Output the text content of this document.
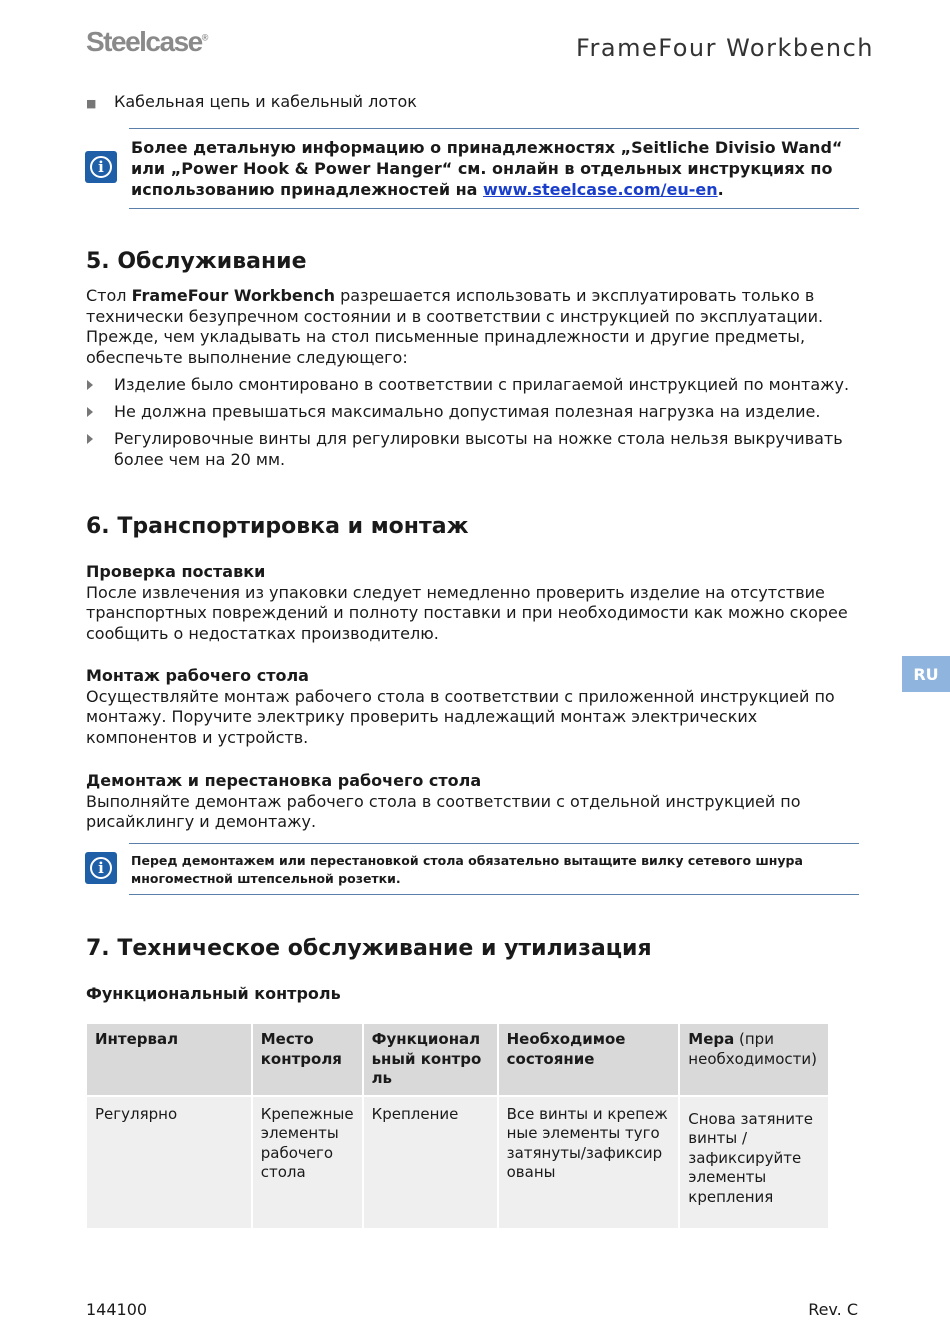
Steelcase®	FrameFour Workbench
■ Кабельная цепь и кабельный лоток
i
Более детальную информацию о принадлежностях „Seitliche Divisio Wand“ или „Power Hook & Power Hanger“ см. онлайн в отдельных инструкциях по использованию принадлежностей на www.steelcase.com/eu-en.
5. Обслуживание
Стол FrameFour Workbench разрешается использовать и эксплуатировать только в технически безупречном состоянии и в соответствии с инструкцией по эксплуатации. Прежде, чем укладывать на стол письменные принадлежности и другие предметы, обеспечьте выполнение следующего:
Изделие было смонтировано в соответствии с прилагаемой инструкцией по монтажу.
Не должна превышаться максимально допустимая полезная нагрузка на изделие.
Регулировочные винты для регулировки высоты на ножке стола нельзя выкручивать более чем на 20 мм.
6. Транспортировка и монтаж
Проверка поставки
После извлечения из упаковки следует немедленно проверить изделие на отсутствие транспортных повреждений и полноту поставки и при необходимости как можно скорее сообщить о недостатках производителю.
Монтаж рабочего стола
Осуществляйте монтаж рабочего стола в соответствии с приложенной инструкцией по монтажу. Поручите электрику проверить надлежащий монтаж электрических компонентов и устройств.
Демонтаж и перестановка рабочего стола
Выполняйте демонтаж рабочего стола в соответствии с отдельной инструкцией по рисайклингу и демонтажу.
i	Перед демонтажем или перестановкой стола обязательно вытащите вилку сетевого шнура многоместной штепсельной розетки.
7. Техническое обслуживание и утилизация
Функциональный контроль
Интервал	Место контроля	Функциональный контроль	Необходимое состояние	Мера (при необходимости)
Регулярно	Крепежные элементы рабочего стола	Крепление	Все винты и крепежные элементы туго затянуты/зафиксированы	Снова затяните винты / зафиксируйте элементы крепления
RU
144100	Rev. C
